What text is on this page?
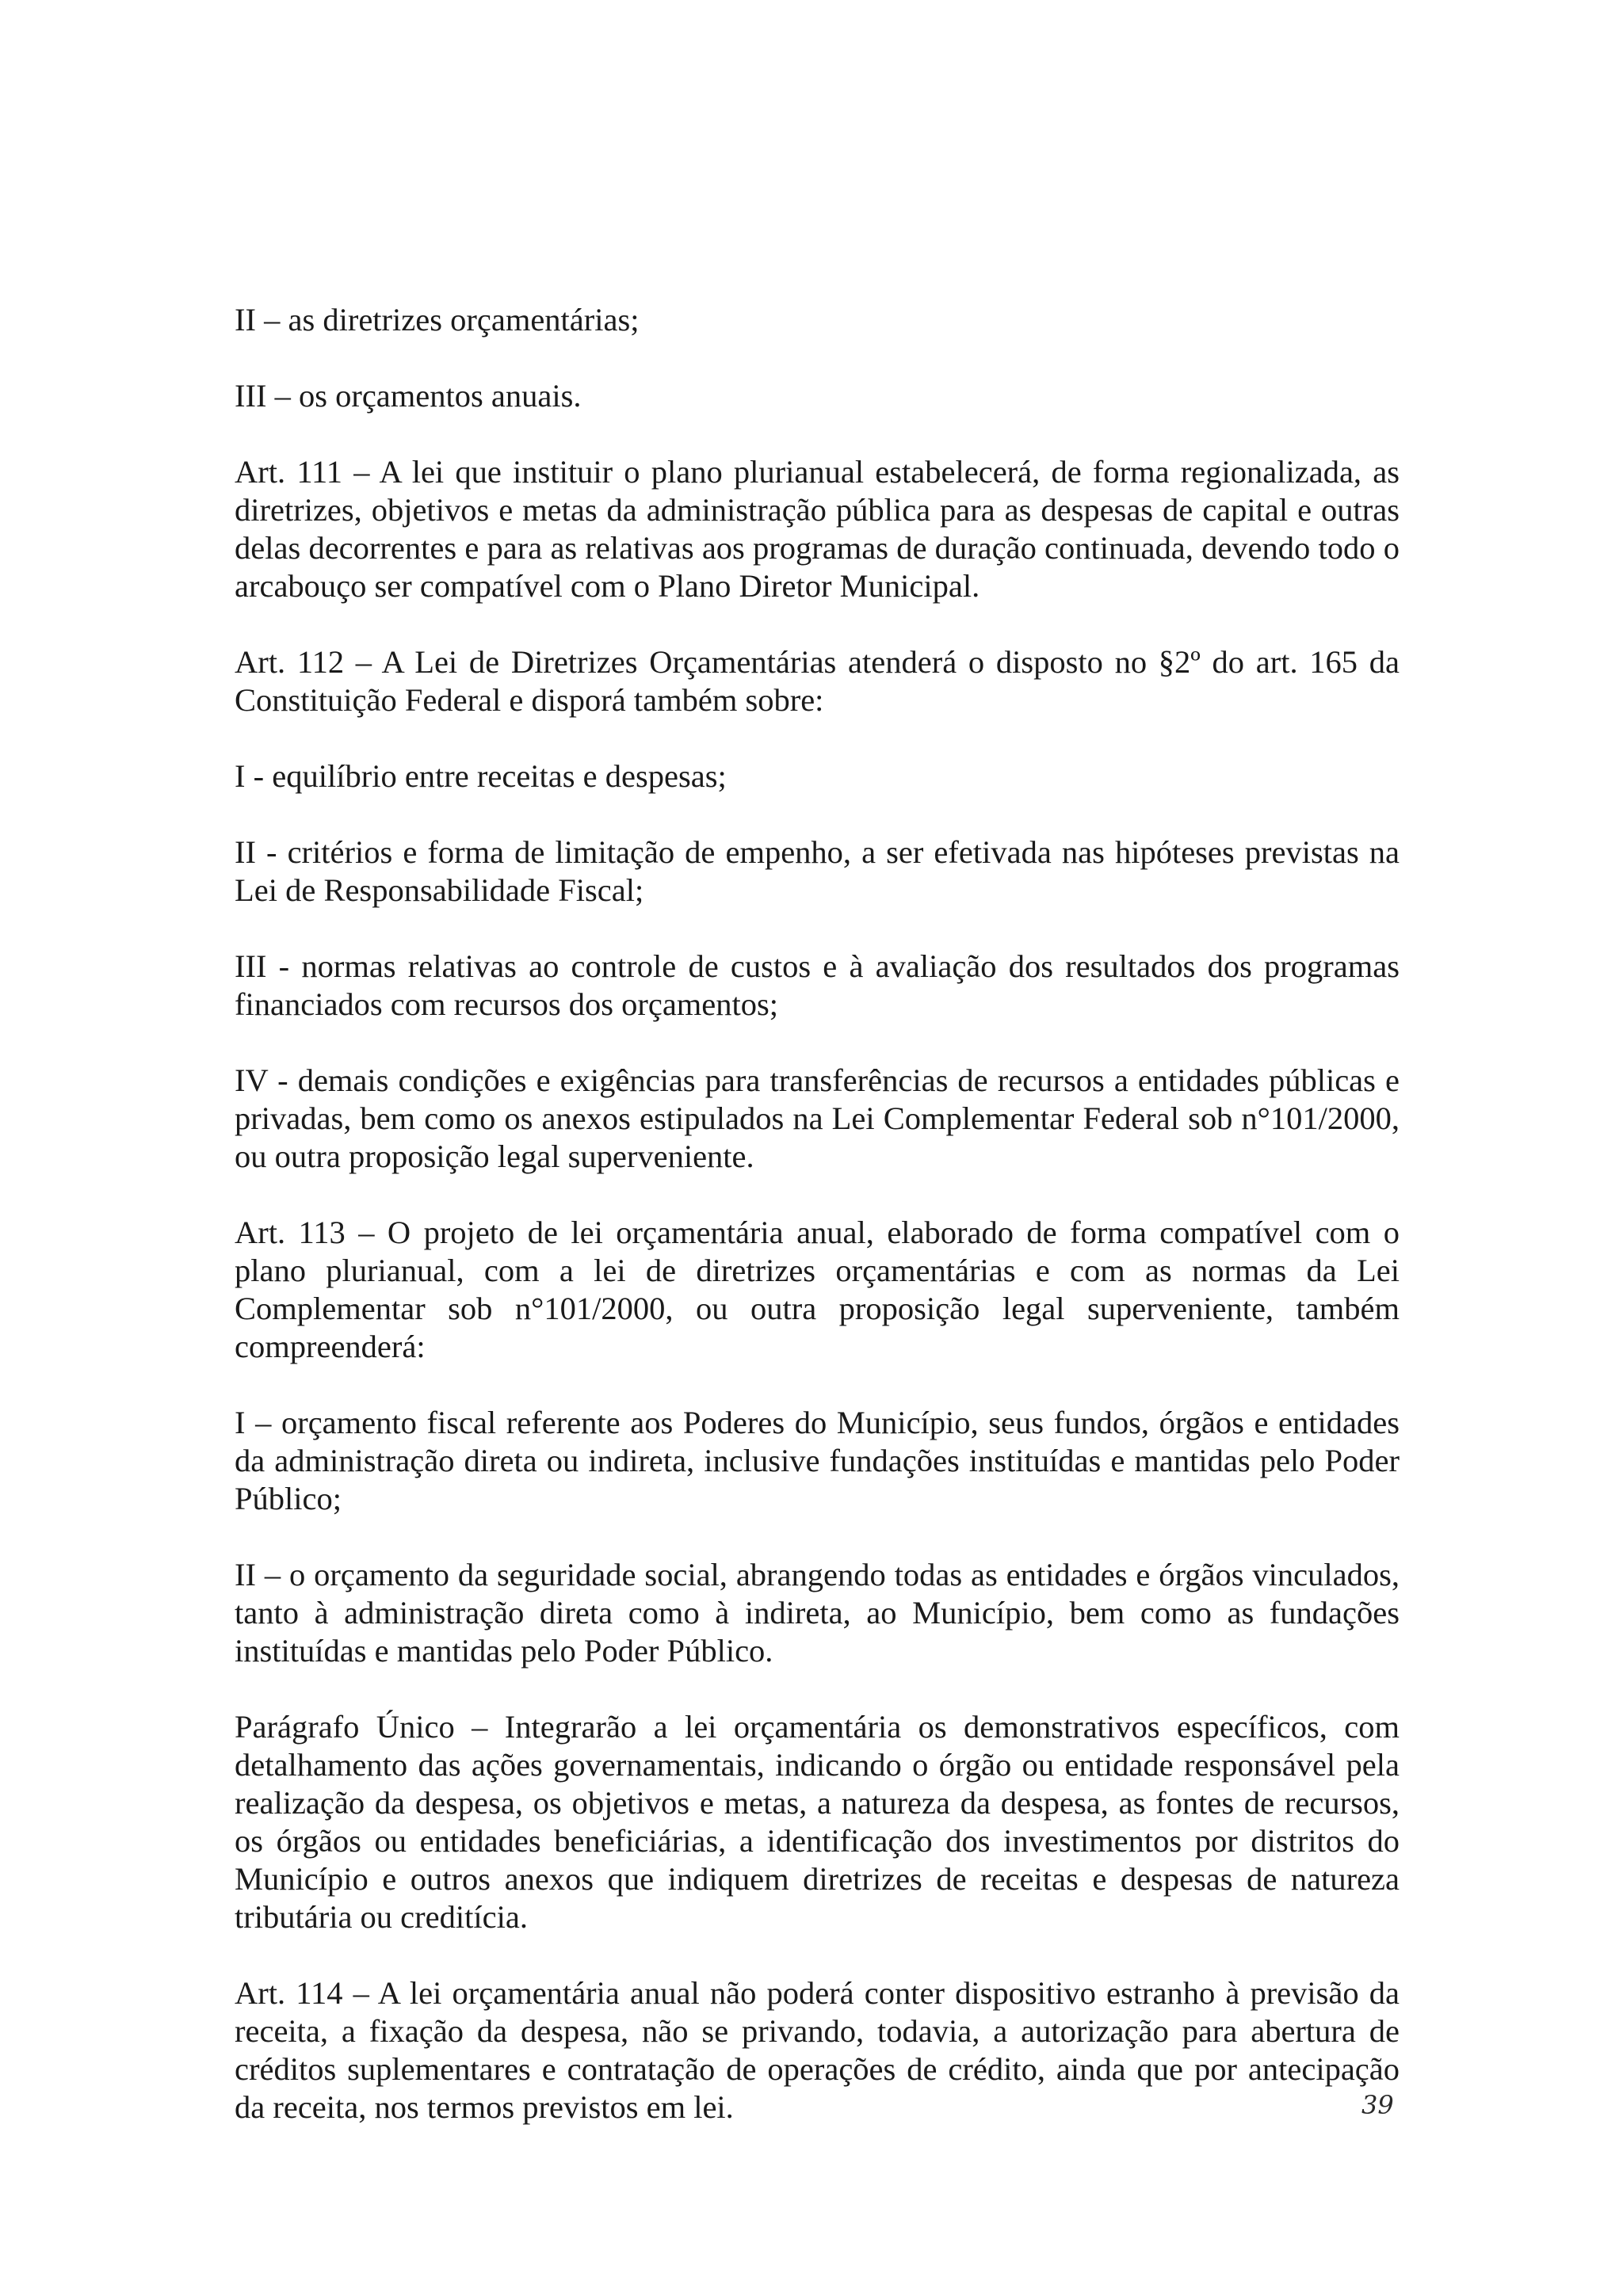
II – as diretrizes orçamentárias;

III – os orçamentos anuais.

Art. 111 – A lei que instituir o plano plurianual estabelecerá, de forma regionalizada, as diretrizes, objetivos e metas da administração pública para as despesas de capital e outras delas decorrentes e para as relativas aos programas de duração continuada, devendo todo o arcabouço ser compatível com o Plano Diretor Municipal.

Art. 112 – A Lei de Diretrizes Orçamentárias atenderá o disposto no §2º do art. 165 da Constituição Federal e disporá também sobre:

I - equilíbrio entre receitas e despesas;

II - critérios e forma de limitação de empenho, a ser efetivada nas hipóteses previstas na Lei de Responsabilidade Fiscal;

III - normas relativas ao controle de custos e à avaliação dos resultados dos programas financiados com recursos dos orçamentos;

IV - demais condições e exigências para transferências de recursos a entidades públicas e privadas, bem como os anexos estipulados na Lei Complementar Federal sob n°101/2000, ou outra proposição legal superveniente.

Art. 113 – O projeto de lei orçamentária anual, elaborado de forma compatível com o plano plurianual, com a lei de diretrizes orçamentárias e com as normas da Lei Complementar sob n°101/2000, ou outra proposição legal superveniente, também compreenderá:

I – orçamento fiscal referente aos Poderes do Município, seus fundos, órgãos e entidades da administração direta ou indireta, inclusive fundações instituídas e mantidas pelo Poder Público;

II – o orçamento da seguridade social, abrangendo todas as entidades e órgãos vinculados, tanto à administração direta como à indireta, ao Município, bem como as fundações instituídas e mantidas pelo Poder Público.

Parágrafo Único – Integrarão a lei orçamentária os demonstrativos específicos, com detalhamento das ações governamentais, indicando o órgão ou entidade responsável pela realização da despesa, os objetivos e metas, a natureza da despesa, as fontes de recursos, os órgãos ou entidades beneficiárias, a identificação dos investimentos por distritos do Município e outros anexos que indiquem diretrizes de receitas e despesas de natureza tributária ou creditícia.

Art. 114 – A lei orçamentária anual não poderá conter dispositivo estranho à previsão da receita, a fixação da despesa, não se privando, todavia, a autorização para abertura de créditos suplementares e contratação de operações de crédito, ainda que por antecipação da receita, nos termos previstos em lei.	39
